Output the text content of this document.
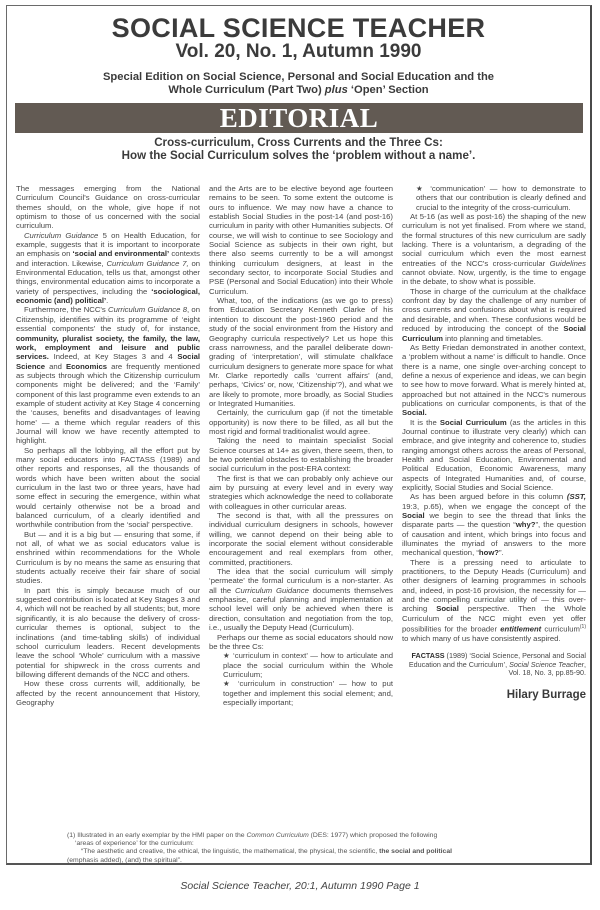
SOCIAL SCIENCE TEACHER
Vol. 20, No. 1, Autumn 1990
Special Edition on Social Science, Personal and Social Education and the
Whole Curriculum (Part Two) plus ‘Open’ Section
EDITORIAL
Cross-curriculum, Cross Currents and the Three Cs:
How the Social Curriculum solves the ‘problem without a name’.

The messages emerging from the National Curriculum Council's Guidance on cross-curricular themes should, on the whole, give hope if not optimism to those of us concerned with the social curriculum.

Curriculum Guidance 5 on Health Education, for example, suggests that it is important to incorporate an emphasis on ‘social and environmental’ contexts and interaction. Likewise, Curriculum Guidance 7, on Environmental Education, tells us that, amongst other things, environmental education aims to incorporate a variety of perspectives, including the ‘sociological, economic (and) political’.

Furthermore, the NCC's Curriculum Guidance 8, on Citizenship, identifies within its programme of ‘eight essential components’ the study of, for instance, community, pluralist society, the family, the law, work, employment and leisure and public services. Indeed, at Key Stages 3 and 4 Social Science and Economics are frequently mentioned as subjects through which the Citizenship curriculum components might be delivered; and the ‘Family’ component of this last programme even extends to an example of student activity at Key Stage 4 concerning the ‘causes, benefits and disadvantages of leaving home’ — a theme which regular readers of this Journal will know we have recently attempted to highlight.

So perhaps all the lobbying, all the effort put by many social educators into FACTASS (1989) and other reports and responses, all the thousands of words which have been written about the social curriculum in the last two or three years, have had some effect in securing the emergence, within what would certainly otherwise not be a broad and balanced curriculum, of a clearly identified and worthwhile contribution from the ‘social’ perspective.

But — and it is a big but — ensuring that some, if not all, of what we as social educators value is enshrined within recommendations for the Whole Curriculum is by no means the same as ensuring that students actually receive their fair share of social studies.

In part this is simply because much of our suggested contribution is located at Key Stages 3 and 4, which will not be reached by all students; but, more significantly, it is alo because the delivery of cross-curricular themes is optional, subject to the inclinations (and time-tabling skills) of individual school curriculum leaders. Recent developments leave the school ‘Whole’ curriculum with a massive potential for shipwreck in the cross currents and billowing different demands of the NCC and others.

How these cross currents will, additionally, be affected by the recent announcement that History, Geography

and the Arts are to be elective beyond age fourteen remains to be seen. To some extent the outcome is ours to influence. We may now have a chance to establish Social Studies in the post-14 (and post-16) curriculum in parity with other Humanities subjects. Of course, we will wish to continue to see Sociology and Social Science as subjects in their own right, but there also seems currently to be a will amongst thinking curriculum designers, at least in the secondary sector, to incorporate Social Studies and PSE (Personal and Social Education) into their Whole Curriculum.

What, too, of the indications (as we go to press) from Education Secretary Kenneth Clarke of his intention to discount the post-1960 period and the study of the social environment from the History and Geography curricula respectively? Let us hope this crass narrowness, and the parallel deliberate down-grading of ‘interpretation’, will stimulate chalkface curriculum designers to generate more space for what Mr. Clarke reportedly calls ‘current affairs’ (and, perhaps, ‘Civics’ or, now, ‘Citizenship’?), and what we are likely to promote, more broadly, as Social Studies or Integrated Humanities.

Certainly, the curriculum gap (if not the timetable opportunity) is now there to be filled, as all but the most rigid and formal traditionalist would agree.

Taking the need to maintain specialist Social Science courses at 14+ as given, there seem, then, to be two potential obstacles to establishing the broader social curriculum in the post-ERA context:

The first is that we can probably only achieve our aim by pursuing at every level and in every way strategies which acknowledge the need to collaborate with colleagues in other curricular areas.

The second is that, with all the pressures on individual curriculum designers in schools, however willing, we cannot depend on their being able to incorporate the social element without considerable encouragement and real exemplars from other, committed, practitioners.

The idea that the social curriculum will simply ‘permeate’ the formal curriculum is a non-starter. As all the Curriculum Guidance documents themselves emphasise, careful planning and implementation at school level will only be achieved when there is direction, consultation and negotiation from the top, i.e., usually the Deputy Head (Curriculum).

Perhaps our theme as social educators should now be the three Cs:

★ ‘curriculum in context’ — how to articulate and place the social curriculum within the Whole Curriculum;

★ ‘curriculum in construction’ — how to put together and implement this social element; and, especially important;

★ ‘communication’ — how to demonstrate to others that our contribution is clearly defined and crucial to the integrity of the cross-curriculum.

At 5-16 (as well as post-16) the shaping of the new curriculum is not yet finalised. From where we stand, the formal structures of this new curriculum are sadly lacking. There is a voluntarism, a degrading of the social curriculum which even the most earnest entreaties of the NCC's cross-curricular Guidelines cannot obviate. Now, urgently, is the time to engage in the debate, to show what is possible.

Those in charge of the curriculum at the chalkface confront day by day the challenge of any number of cross currents and confusions about what is required and desirable, and when. These confusions would be reduced by introducing the concept of the Social Curriculum into planning and timetables.

As Betty Friedan demonstrated in another context, a ‘problem without a name’ is difficult to handle. Once there is a name, one single over-arching concept to define a nexus of experience and ideas, we can begin to see how to move forward. What is merely hinted at, approached but not attained in the NCC's numerous publications on curricular components, is that of the Social.

It is the Social Curriculum (as the articles in this Journal continue to illustrate very clearly) which can embrace, and give integrity and coherence to, studies ranging amongst others across the areas of Personal, Health and Social Education, Environmental and Political Education, Economic Awareness, many aspects of Integrated Humanities and, of course, explicitly, Social Studies and Social Science.

As has been argued before in this column (SST, 19:3, p.65), when we engage the concept of the Social we begin to see the thread that links the disparate parts — the question “why?”, the question of causation and intent, which brings into focus and illuminates the myriad of answers to the more mechanical question, “how?”.

There is a pressing need to articulate to practitioners, to the Deputy Heads (Curriculum) and other designers of learning programmes in schools and, indeed, in post-16 provision, the necessity for — and the compelling curricular utility of — this over-arching Social perspective. Then the Whole Curriculum of the NCC might even yet offer possibilities for the broader entitlement curriculum$^{(1)}$ to which many of us have consistently aspired.

FACTASS (1989) ‘Social Science, Personal and Social Education and the Curriculum’, Social Science Teacher, Vol. 18, No. 3, pp.85-90.

Hilary Burrage
(1) Illustrated in an early exemplar by the HMI paper on the Common Curriculum (DES: 1977) which proposed the following
‘areas of experience’ for the curriculum:
“The aesthetic and creative, the ethical, the linguistic, the mathematical, the physical, the scientific, the social and political
(emphasis added), (and) the spiritual”.
Social Science Teacher, 20:1, Autumn 1990 Page 1
